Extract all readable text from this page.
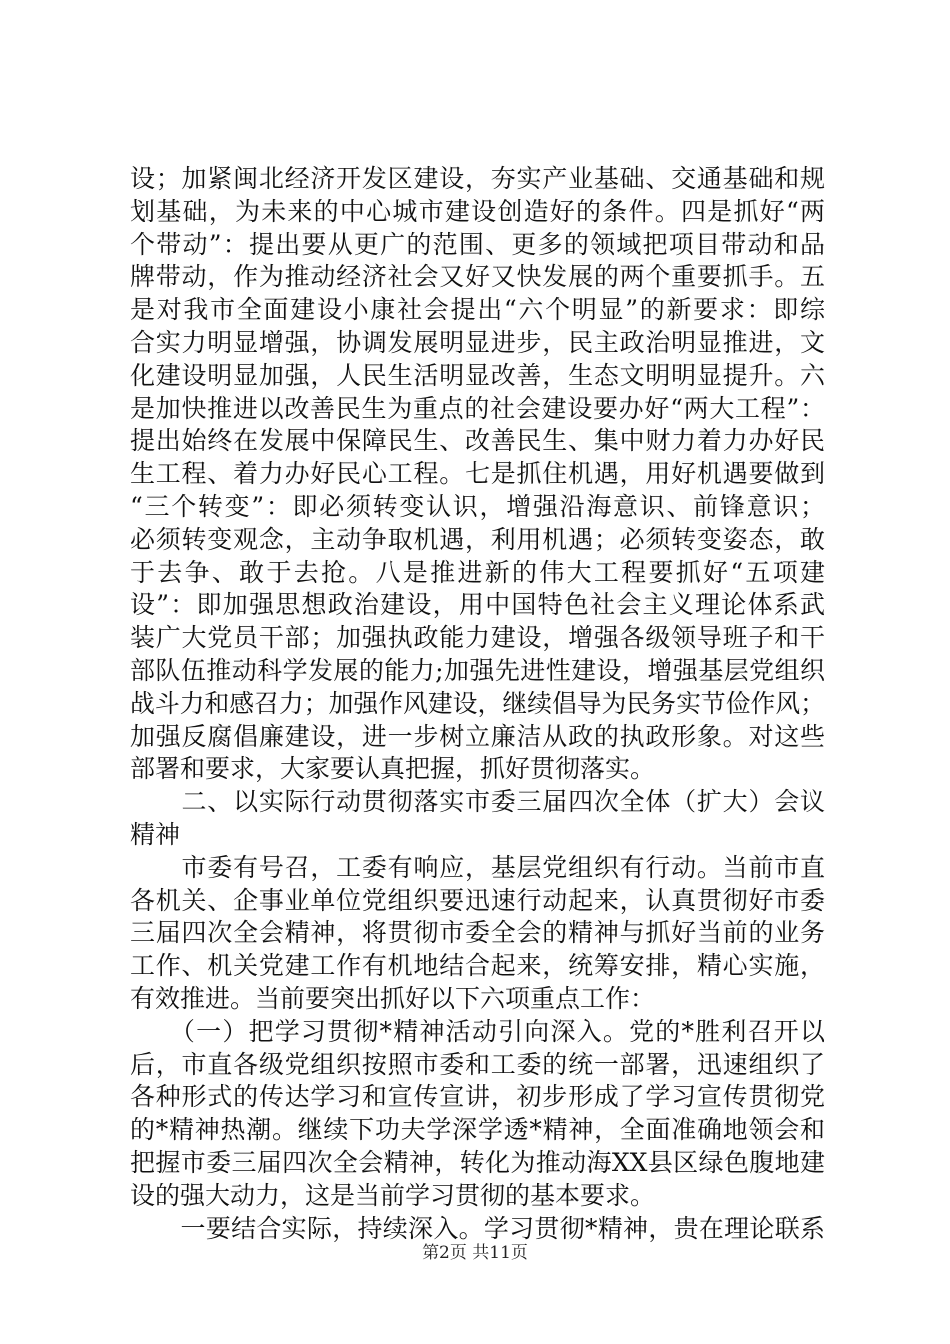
设；加紧闽北经济开发区建设，夯实产业基础、交通基础和规
划基础，为未来的中心城市建设创造好的条件。四是抓好“两
个带动”：提出要从更广的范围、更多的领域把项目带动和品
牌带动，作为推动经济社会又好又快发展的两个重要抓手。五
是对我市全面建设小康社会提出“六个明显”的新要求：即综
合实力明显增强，协调发展明显进步，民主政治明显推进，文
化建设明显加强，人民生活明显改善，生态文明明显提升。六
是加快推进以改善民生为重点的社会建设要办好“两大工程”：
提出始终在发展中保障民生、改善民生、集中财力着力办好民
生工程、着力办好民心工程。七是抓住机遇，用好机遇要做到
“三个转变”：即必须转变认识，增强沿海意识、前锋意识；
必须转变观念，主动争取机遇，利用机遇；必须转变姿态，敢
于去争、敢于去抢。八是推进新的伟大工程要抓好“五项建
设”：即加强思想政治建设，用中国特色社会主义理论体系武
装广大党员干部；加强执政能力建设，增强各级领导班子和干
部队伍推动科学发展的能力;加强先进性建设，增强基层党组织
战斗力和感召力；加强作风建设，继续倡导为民务实节俭作风；
加强反腐倡廉建设，进一步树立廉洁从政的执政形象。对这些
部署和要求，大家要认真把握，抓好贯彻落实。
　　二、以实际行动贯彻落实市委三届四次全体（扩大）会议
精神
　　市委有号召，工委有响应，基层党组织有行动。当前市直
各机关、企事业单位党组织要迅速行动起来，认真贯彻好市委
三届四次全会精神，将贯彻市委全会的精神与抓好当前的业务
工作、机关党建工作有机地结合起来，统筹安排，精心实施，
有效推进。当前要突出抓好以下六项重点工作：
　　（一）把学习贯彻*精神活动引向深入。党的*胜利召开以
后，市直各级党组织按照市委和工委的统一部署，迅速组织了
各种形式的传达学习和宣传宣讲，初步形成了学习宣传贯彻党
的*精神热潮。继续下功夫学深学透*精神，全面准确地领会和
把握市委三届四次全会精神，转化为推动海XX县区绿色腹地建
设的强大动力，这是当前学习贯彻的基本要求。
　　一要结合实际，持续深入。学习贯彻*精神，贵在理论联系
第2页 共11页
